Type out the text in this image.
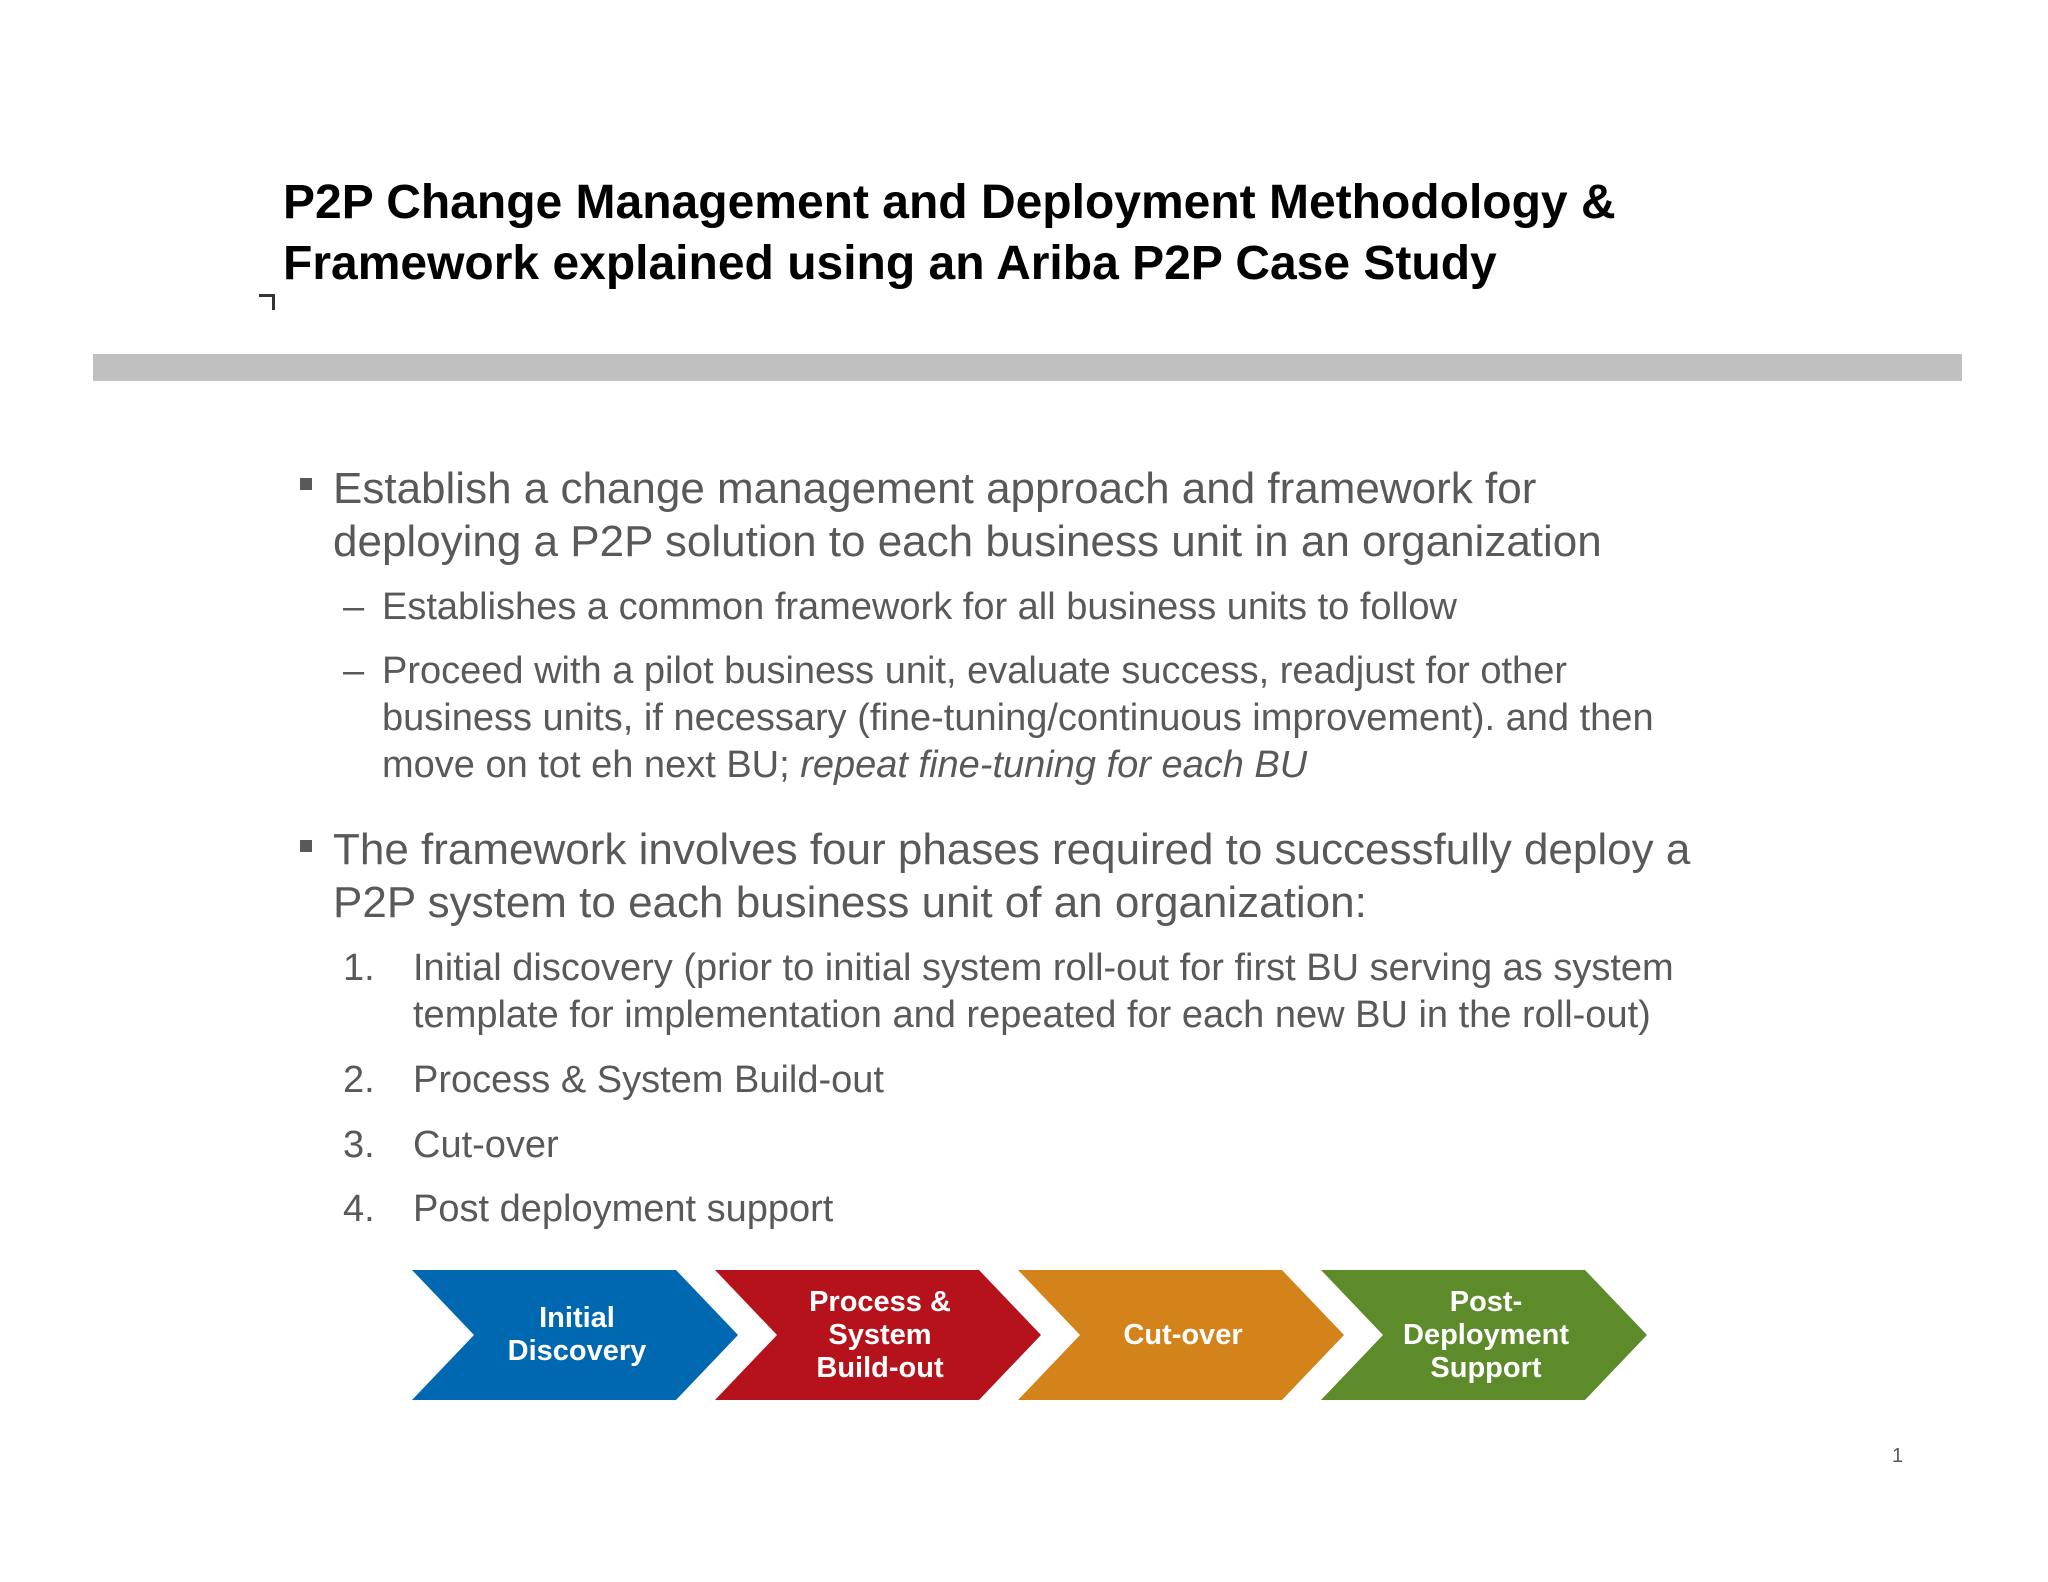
P2P Change Management and Deployment Methodology &
Framework explained using an Ariba P2P Case Study
Establish a change management approach and framework for
deploying a P2P solution to each business unit in an organization
– Establishes a common framework for all business units to follow
– Proceed with a pilot business unit, evaluate success, readjust for other
business units, if necessary (fine-tuning/continuous improvement). and then
move on tot eh next BU; repeat fine-tuning for each BU
The framework involves four phases required to successfully deploy a
P2P system to each business unit of an organization:
1. Initial discovery (prior to initial system roll-out for first BU serving as system
template for implementation and repeated for each new BU in the roll-out)
2. Process & System Build-out
3. Cut-over
4. Post deployment support
Initial
Discovery
Process &
System
Build-out
Cut-over
Post-
Deployment
Support
1
